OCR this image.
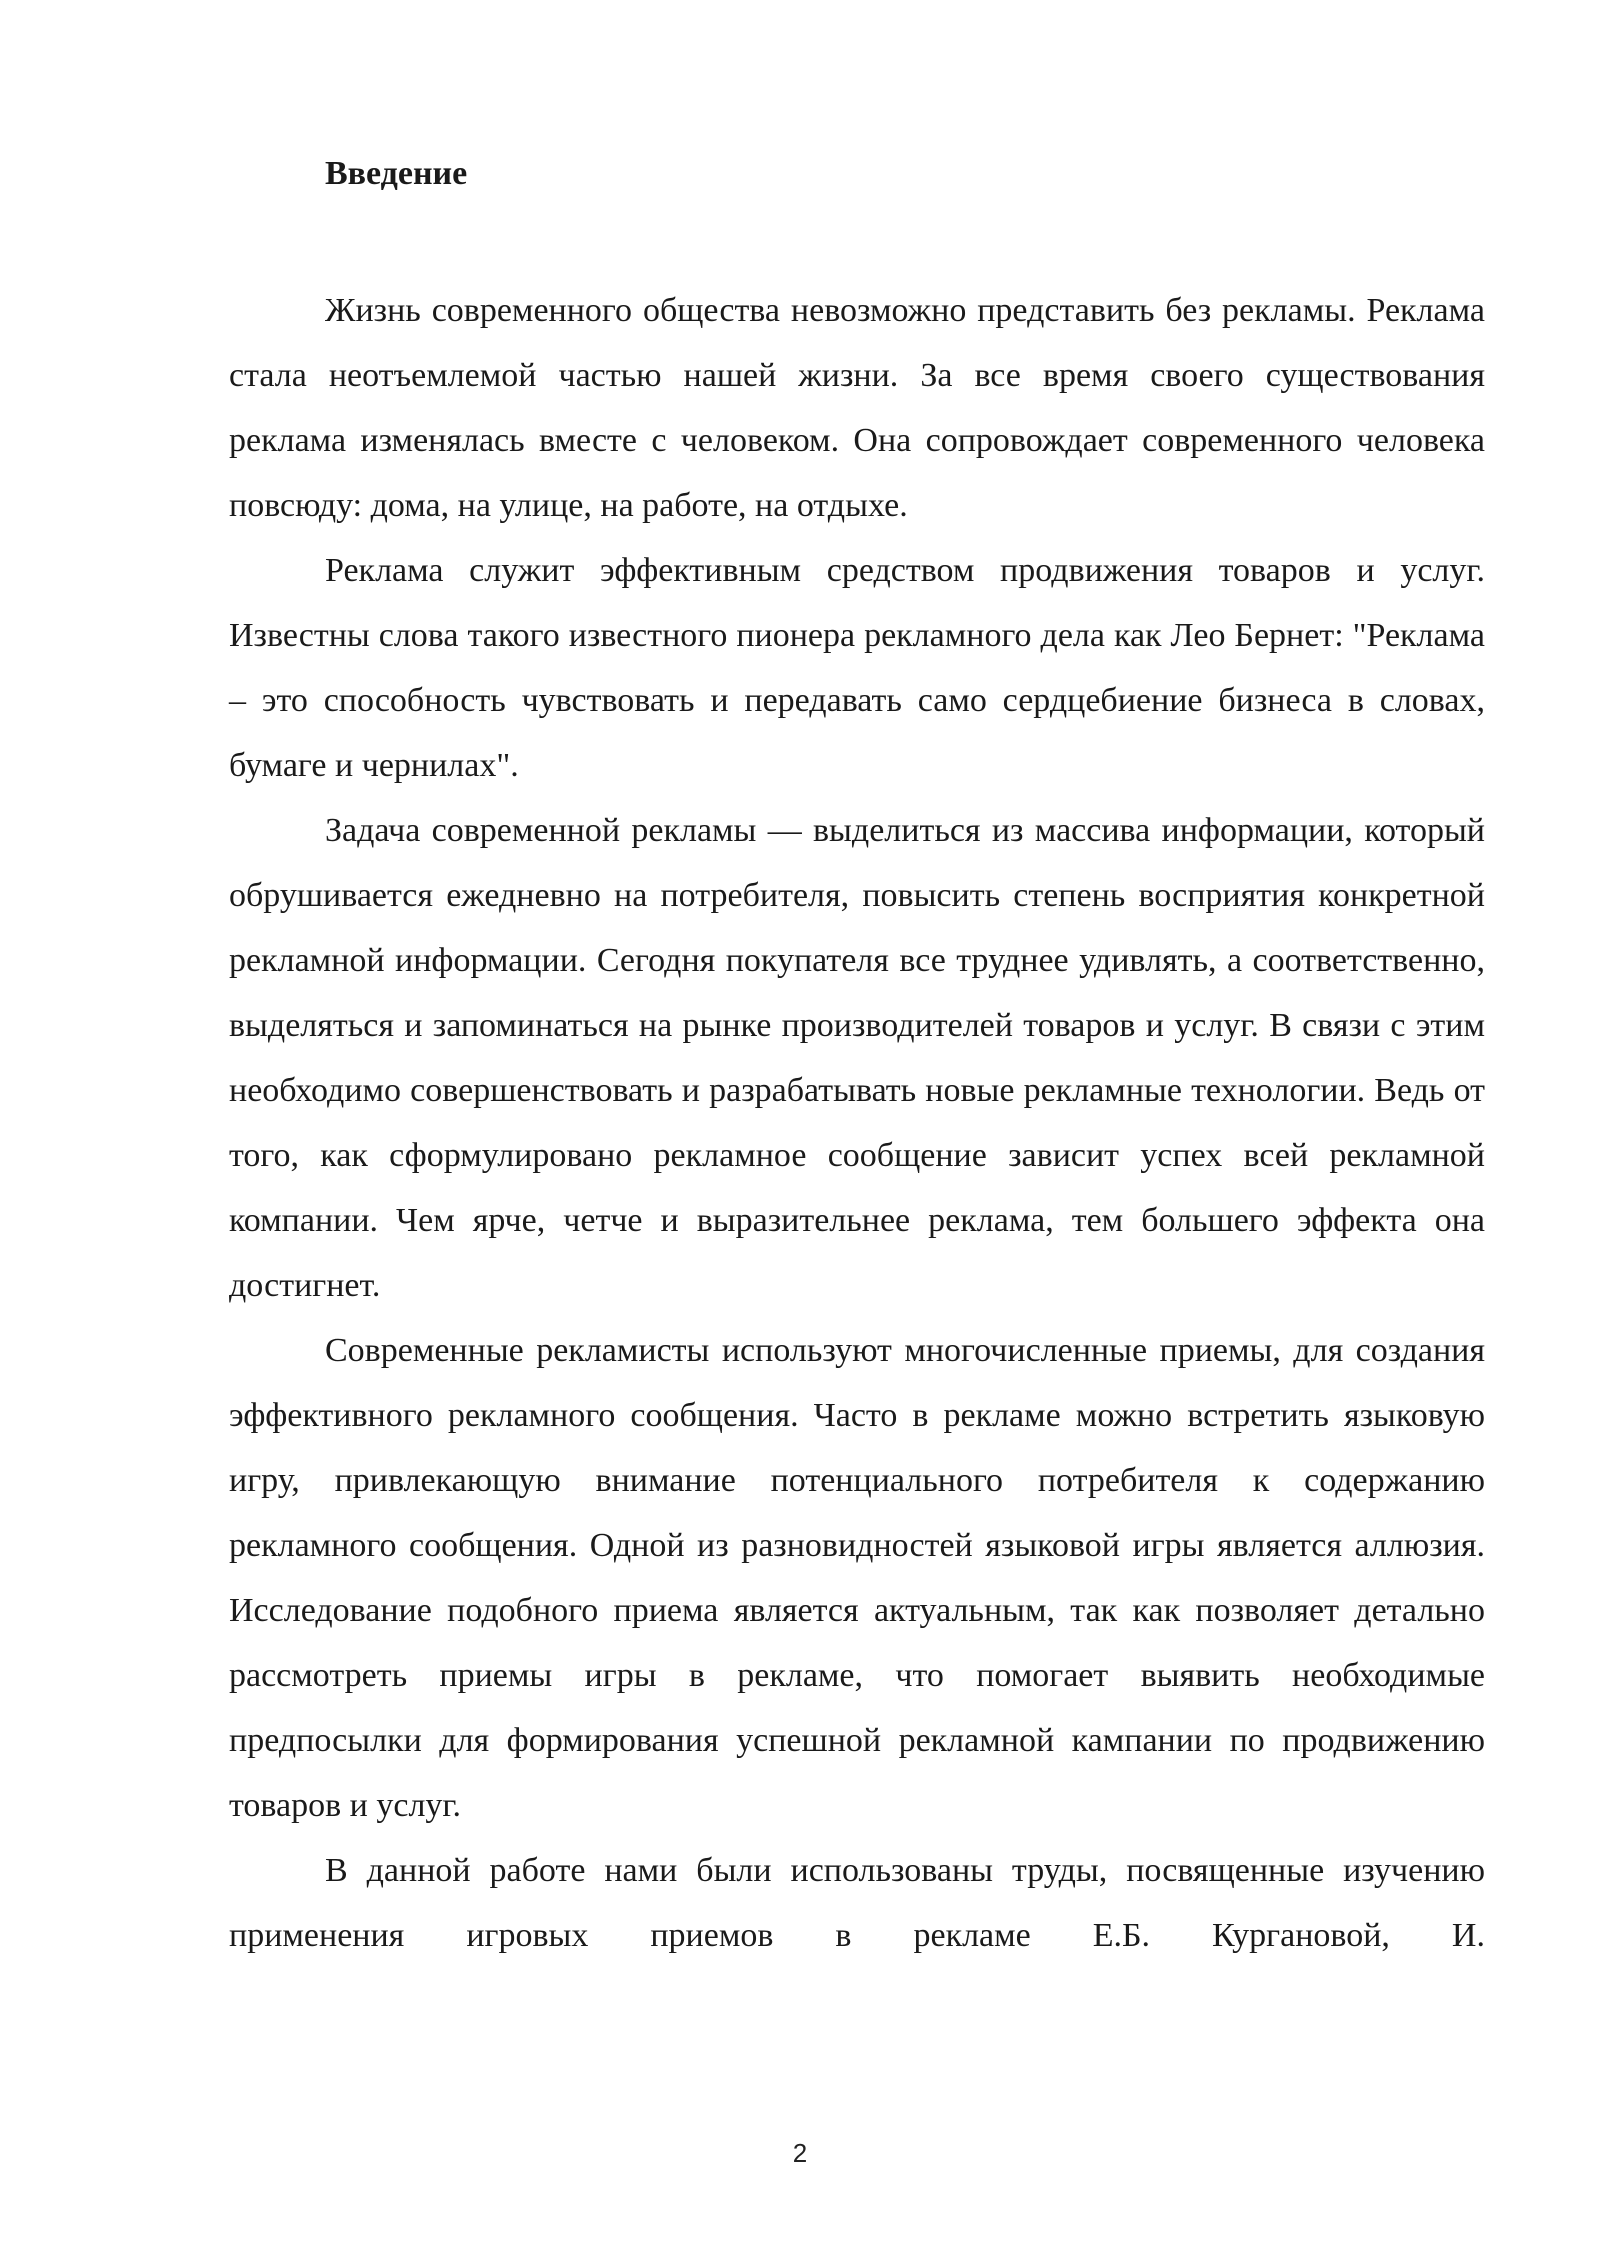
Введение

Жизнь современного общества невозможно представить без рекламы. Реклама стала неотъемлемой частью нашей жизни. За все время своего существования реклама изменялась вместе с человеком. Она сопровождает современного человека повсюду: дома, на улице, на работе, на отдыхе.

Реклама служит эффективным средством продвижения товаров и услуг. Известны слова такого известного пионера рекламного дела как Лео Бернет: "Реклама – это способность чувствовать и передавать само сердцебиение бизнеса в словах, бумаге и чернилах".

Задача современной рекламы — выделиться из массива информации, который обрушивается ежедневно на потребителя, повысить степень восприятия конкретной рекламной информации. Сегодня покупателя все труднее удивлять, а соответственно, выделяться и запоминаться на рынке производителей товаров и услуг. В связи с этим необходимо совершенствовать и разрабатывать новые рекламные технологии. Ведь от того, как сформулировано рекламное сообщение зависит успех всей рекламной компании. Чем ярче, четче и выразительнее реклама, тем большего эффекта она достигнет.

Современные рекламисты используют многочисленные приемы, для создания эффективного рекламного сообщения. Часто в рекламе можно встретить языковую игру, привлекающую внимание потенциального потребителя к содержанию рекламного сообщения. Одной из разновидностей языковой игры является аллюзия. Исследование подобного приема является актуальным, так как позволяет детально рассмотреть приемы игры в рекламе, что помогает выявить необходимые предпосылки для формирования успешной рекламной кампании по продвижению товаров и услуг.

В данной работе нами были использованы труды, посвященные изучению применения игровых приемов в рекламе Е.Б. Кургановой, И.

2
